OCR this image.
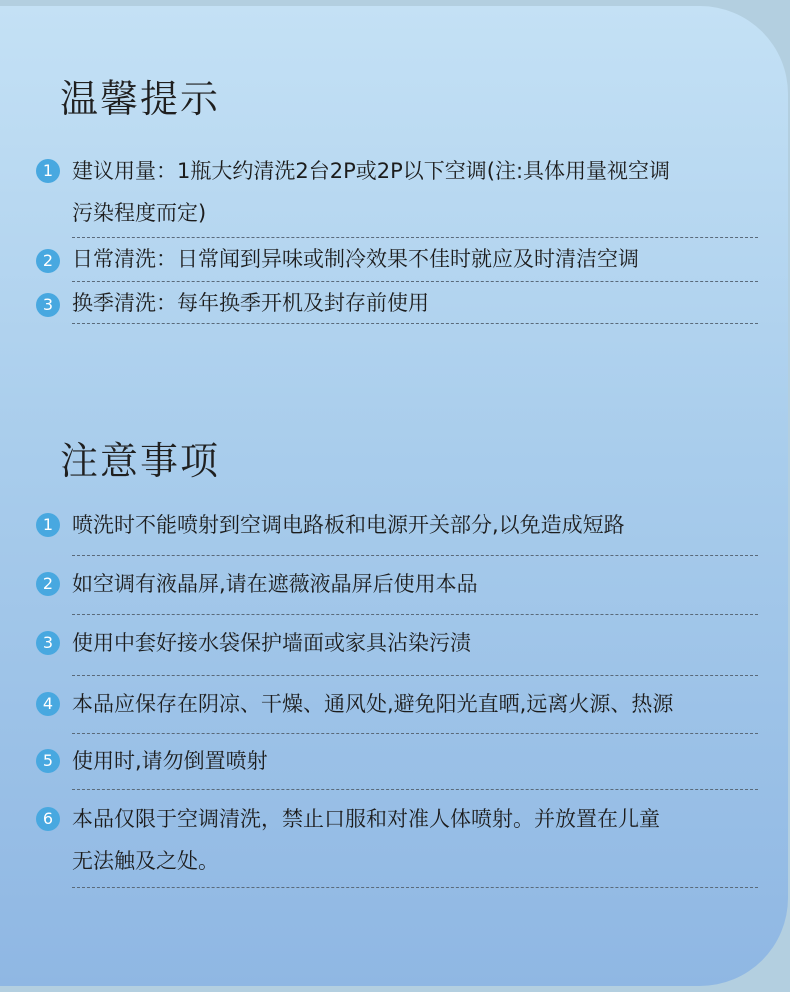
温馨提示
1 建议用量：1瓶大约清洗2台2P或2P以下空调(注:具体用量视空调
污染程度而定)
2 日常清洗：日常闻到异味或制冷效果不佳时就应及时清洁空调
3 换季清洗：每年换季开机及封存前使用
注意事项
1 喷洗时不能喷射到空调电路板和电源开关部分,以免造成短路
2 如空调有液晶屏,请在遮薇液晶屏后使用本品
3 使用中套好接水袋保护墙面或家具沾染污渍
4 本品应保存在阴凉、干燥、通风处,避免阳光直晒,远离火源、热源
5 使用时,请勿倒置喷射
6 本品仅限于空调清洗，禁止口服和对准人体喷射。并放置在儿童
无法触及之处。
